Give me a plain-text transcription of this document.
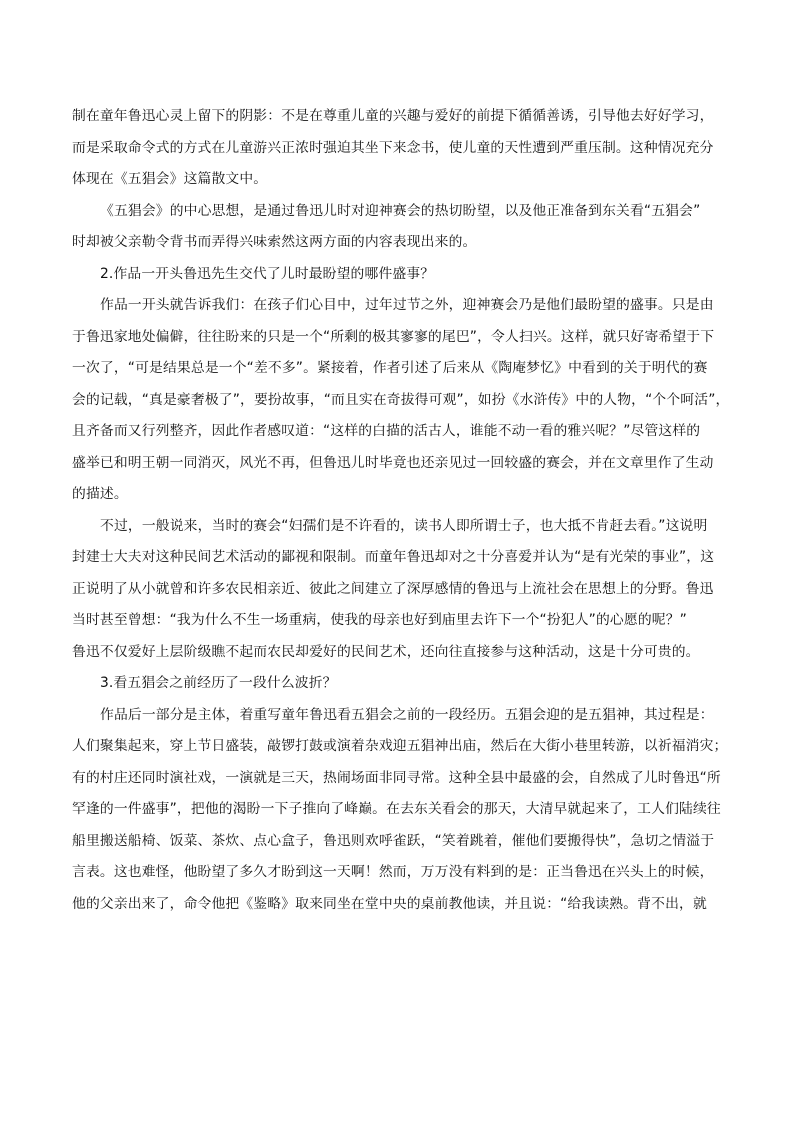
制在童年鲁迅心灵上留下的阴影：不是在尊重儿童的兴趣与爱好的前提下循循善诱，引导他去好好学习，
而是采取命令式的方式在儿童游兴正浓时强迫其坐下来念书，使儿童的天性遭到严重压制。这种情况充分
体现在《五猖会》这篇散文中。
《五猖会》的中心思想，是通过鲁迅儿时对迎神赛会的热切盼望，以及他正准备到东关看“五猖会”
时却被父亲勒令背书而弄得兴味索然这两方面的内容表现出来的。
2.作品一开头鲁迅先生交代了儿时最盼望的哪件盛事？
作品一开头就告诉我们：在孩子们心目中，过年过节之外，迎神赛会乃是他们最盼望的盛事。只是由
于鲁迅家地处偏僻，往往盼来的只是一个“所剩的极其寥寥的尾巴”，令人扫兴。这样，就只好寄希望于下
一次了，“可是结果总是一个“差不多”。紧接着，作者引述了后来从《陶庵梦忆》中看到的关于明代的赛
会的记载，“真是豪奢极了”，要扮故事，“而且实在奇拔得可观”，如扮《水浒传》中的人物，“个个呵活”，
且齐备而又行列整齐，因此作者感叹道：“这样的白描的活古人，谁能不动一看的雅兴呢？”尽管这样的
盛举已和明王朝一同消灭，风光不再，但鲁迅儿时毕竟也还亲见过一回较盛的赛会，并在文章里作了生动
的描述。
不过，一般说来，当时的赛会“妇孺们是不许看的，读书人即所谓士子，也大抵不肯赶去看。”这说明
封建士大夫对这种民间艺术活动的鄙视和限制。而童年鲁迅却对之十分喜爱并认为“是有光荣的事业”，这
正说明了从小就曾和许多农民相亲近、彼此之间建立了深厚感情的鲁迅与上流社会在思想上的分野。鲁迅
当时甚至曾想：“我为什么不生一场重病，使我的母亲也好到庙里去许下一个“扮犯人”的心愿的呢？”
鲁迅不仅爱好上层阶级瞧不起而农民却爱好的民间艺术，还向往直接参与这种活动，这是十分可贵的。
3.看五猖会之前经历了一段什么波折？
作品后一部分是主体，着重写童年鲁迅看五猖会之前的一段经历。五猖会迎的是五猖神，其过程是：
人们聚集起来，穿上节日盛装，敲锣打鼓或演着杂戏迎五猖神出庙，然后在大街小巷里转游，以祈福消灾；
有的村庄还同时演社戏，一演就是三天，热闹场面非同寻常。这种全县中最盛的会，自然成了儿时鲁迅“所
罕逢的一件盛事”，把他的渴盼一下子推向了峰巅。在去东关看会的那天，大清早就起来了，工人们陆续往
船里搬送船椅、饭菜、茶炊、点心盒子，鲁迅则欢呼雀跃，“笑着跳着，催他们要搬得快”，急切之情溢于
言表。这也难怪，他盼望了多久才盼到这一天啊！然而，万万没有料到的是：正当鲁迅在兴头上的时候，
他的父亲出来了，命令他把《鉴略》取来同坐在堂中央的桌前教他读，并且说：“给我读熟。背不出，就
